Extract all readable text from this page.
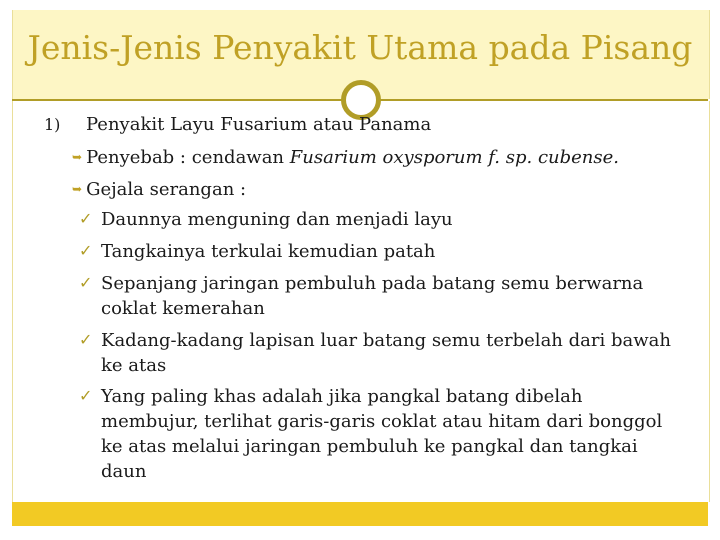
Jenis-Jenis Penyakit Utama pada Pisang
1) Penyakit Layu Fusarium atau Panama
➥ Penyebab : cendawan Fusarium oxysporum f. sp. cubense.
➥ Gejala serangan :
✓ Daunnya menguning dan menjadi layu
✓ Tangkainya terkulai kemudian patah
✓ Sepanjang jaringan pembuluh pada batang semu berwarna
coklat kemerahan
✓ Kadang-kadang lapisan luar batang semu terbelah dari bawah
ke atas
✓ Yang paling khas adalah jika pangkal batang dibelah
membujur, terlihat garis-garis coklat atau hitam dari bonggol
ke atas melalui jaringan pembuluh ke pangkal dan tangkai
daun
